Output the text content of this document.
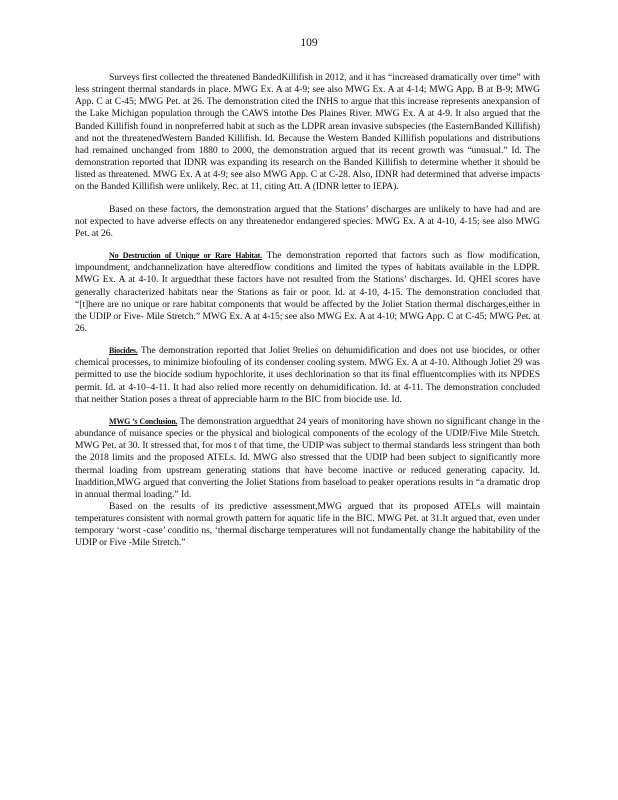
109

Surveys first collected the threatened BandedKillifish in 2012, and it has “increased dramatically over time” with less stringent thermal standards in place. MWG Ex. A at 4-9; see also MWG Ex. A at 4-14; MWG App. B at B-9; MWG App. C at C-45; MWG Pet. at 26. The demonstration cited the INHS to argue that this increase represents anexpansion of the Lake Michigan population through the CAWS intothe Des Plaines River. MWG Ex. A at 4-9. It also argued that the Banded Killifish found in nonpreferred habit at such as the LDPR arean invasive subspecies (the EasternBanded Killifish) and not the threatenedWestern Banded Killifish. Id. Because the Western Banded Killifish populations and distributions had remained unchanged from 1880 to 2000, the demonstration argued that its recent growth was “unusual.” Id. The demonstration reported that IDNR was expanding its research on the Banded Killifish to determine whether it should be listed as threatened. MWG Ex. A at 4-9; see also MWG App. C at C-28. Also, IDNR had determined that adverse impacts on the Banded Killifish were unlikely. Rec. at 11, citing Att. A (IDNR letter to IEPA).

Based on these factors, the demonstration argued that the Stations’ discharges are unlikely to have had and are not expected to have adverse effects on any threatenedor endangered species. MWG Ex. A at 4-10, 4-15; see also MWG Pet. at 26.

No Destruction of Unique or Rare Habitat. The demonstration reported that factors such as flow modification, impoundment, andchannelization have alteredflow conditions and limited the types of habitats available in the LDPR. MWG Ex. A at 4-10. It arguedthat these factors have not resulted from the Stations’ discharges. Id. QHEI scores have generally characterized habitats near the Stations as fair or poor. Id. at 4-10, 4-15. The demonstration concluded that “[t]here are no unique or rare habitat components that would be affected by the Joliet Station thermal discharges,either in the UDIP or Five- Mile Stretch.” MWG Ex. A at 4-15; see also MWG Ex. A at 4-10; MWG App. C at C-45; MWG Pet. at 26.

Biocides. The demonstration reported that Joliet 9relies on dehumidification and does not use biocides, or other chemical processes, to minimize biofouling of its condenser cooling system. MWG Ex. A at 4-10. Although Joliet 29 was permitted to use the biocide sodium hypochlorite, it uses dechlorination so that its final effluentcomplies with its NPDES permit. Id. at 4-10–4-11. It had also relied more recently on dehumidification. Id. at 4-11. The demonstration concluded that neither Station poses a threat of appreciable harm to the BIC from biocide use. Id.

MWG ’s Conclusion. The demonstration arguedthat 24 years of monitoring have shown no significant change in the abundance of nuisance species or the physical and biological components of the ecology of the UDIP/Five Mile Stretch. MWG Pet. at 30. It stressed that, for mos t of that time, the UDIP was subject to thermal standards less stringent than both the 2018 limits and the proposed ATELs. Id. MWG also stressed that the UDIP had been subject to significantly more thermal loading from upstream generating stations that have become inactive or reduced generating capacity. Id. Inaddition,MWG argued that converting the Joliet Stations from baseload to peaker operations results in “a dramatic drop in annual thermal loading.” Id.

Based on the results of its predictive assessment,MWG argued that its proposed ATELs will maintain temperatures consistent with normal growth pattern for aquatic life in the BIC. MWG Pet. at 31.It argued that, even under temporary ‘worst -case’ conditio ns, ‘thermal discharge temperatures will not fundamentally change the habitability of the UDIP or Five -Mile Stretch.”
